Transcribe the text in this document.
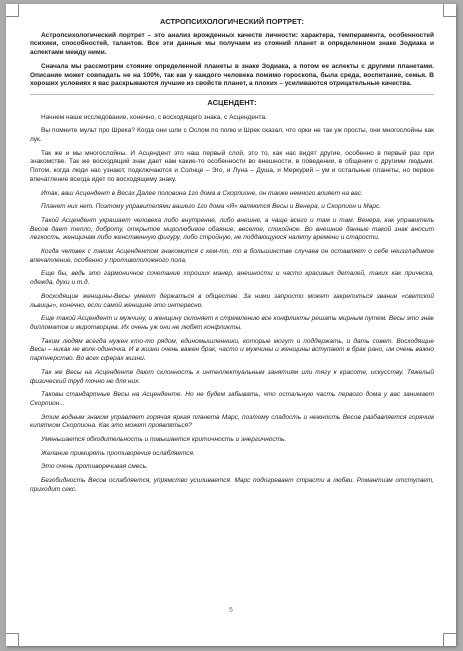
АСТРОПСИХОЛОГИЧЕСКИЙ ПОРТРЕТ:

Астропсихологический портрет – это анализ врожденных качеств личности: характера, темперамента, особенностей психики, способностей, талантов. Все эти данные мы получаем из стояний планет в определенном знаке Зодиака и аспектами между ними.

Сначала мы рассмотрим стояние определенной планеты в знаке Зодиака, а потом ее аспекты с другими планетами. Описание может совпадать не на 100%, так как у каждого человека помимо гороскопа, была среда, воспитание, семья. В хороших условиях я вас раскрываются лучшие из свойств планет, а плохих – усиливаются отрицательные качества.

АСЦЕНДЕНТ:

Начнем наше исследование, конечно, с восходящего знака, с Асцендента.

Вы помните мульт про Шрека? Когда они шли с Ослом по полю и Шрек сказал, что орки не так уж просты, они многослойны как лук.

Так же и мы многослойны. И Асцендент это наш первый слой, это то, как нас видят другие, особенно в первый раз при знакомстве. Так же восходящий знак дает нам какие-то особенности во внешности, в поведении, в общении с другими людьми. Потом, когда люди нас узнают, подключаются и Солнце – Эго, и Луна – Душа, и Меркурий – ум и остальные планеты, но первое впечатление всегда идет по восходящему знаку.

Итак, ваш Асцендент в Весах Далее половина 1го дома в Скорпионе, он также немного влияет на вас.

Планет них нет. Поэтому управителями вашего 1го дома «Я» являются Весы и Венера, и Скорпион и Марс.

Такой Асцендент украшает человека либо внутренне, либо внешне, а чаще всего и там и там. Венера, как управитель Весов дает тепло, доброту, открытое миролюбивое обаяние, веселое, спокойное. Во внешние данные такой знак вносит легкость, женщинам либо женственную фигуру, либо стройную, не поддающуюся налету времени и старости.

Когда человек с таким Асцендентом знакомится с кем-то, то в большинстве случаев он оставляет о себе неизгладимое впечатление, особенно у противоположного пола.

Еще бы, ведь это гармоничное сочетание хороших манер, внешности и часто красивых деталей, таких как прическа, одежда, духи и т.д.

Восходящие женщины-Весы умеют держаться в обществе. За ними запросто может закрепиться звание «светской львицы», конечно, если самой женщине это интересно.

Еще такой Асцендент и мужчину, и женщину склоняет к стремлению все конфликты решать мирным путем. Весы это знак дипломатов и миротворцев. Их очень уж они не любят конфликты.

Таким людям всегда нужен кто-то рядом, единомышленники, которые могут и поддержать, и дать совет. Восходящие Весы – никак не волк-одиночка. И в жизни очень важен брак, часто и мужчины и женщины вступают в брак рано, им очень важно партнерство. Во всех сферах жизни.

Так же Весы на Асценденте дают склонность к интеллектуальным занятиям или тягу к красоте, искусству. Тяжелый физический труд точно не для них.

Таковы стандартные Весы на Асценденте. Но не будем забывать, что остальную часть первого дома у вас занимает Скорпион...

Этим водным знаком управляет горячая яркая планета Марс, поэтому сладость и нежность Весов разбавляется горячим кипятком Скорпиона. Как это может проявляться?

Уменьшается обходительность и повышается критичность и энергичность.

Желание примирять противоречия ослабляется.

Это очень противоречивая смесь.

Безобидность Весов ослабляется, упрямство усиливается. Марс подогревает страсти в любви. Романтизм отступает, приходит секс.

5
